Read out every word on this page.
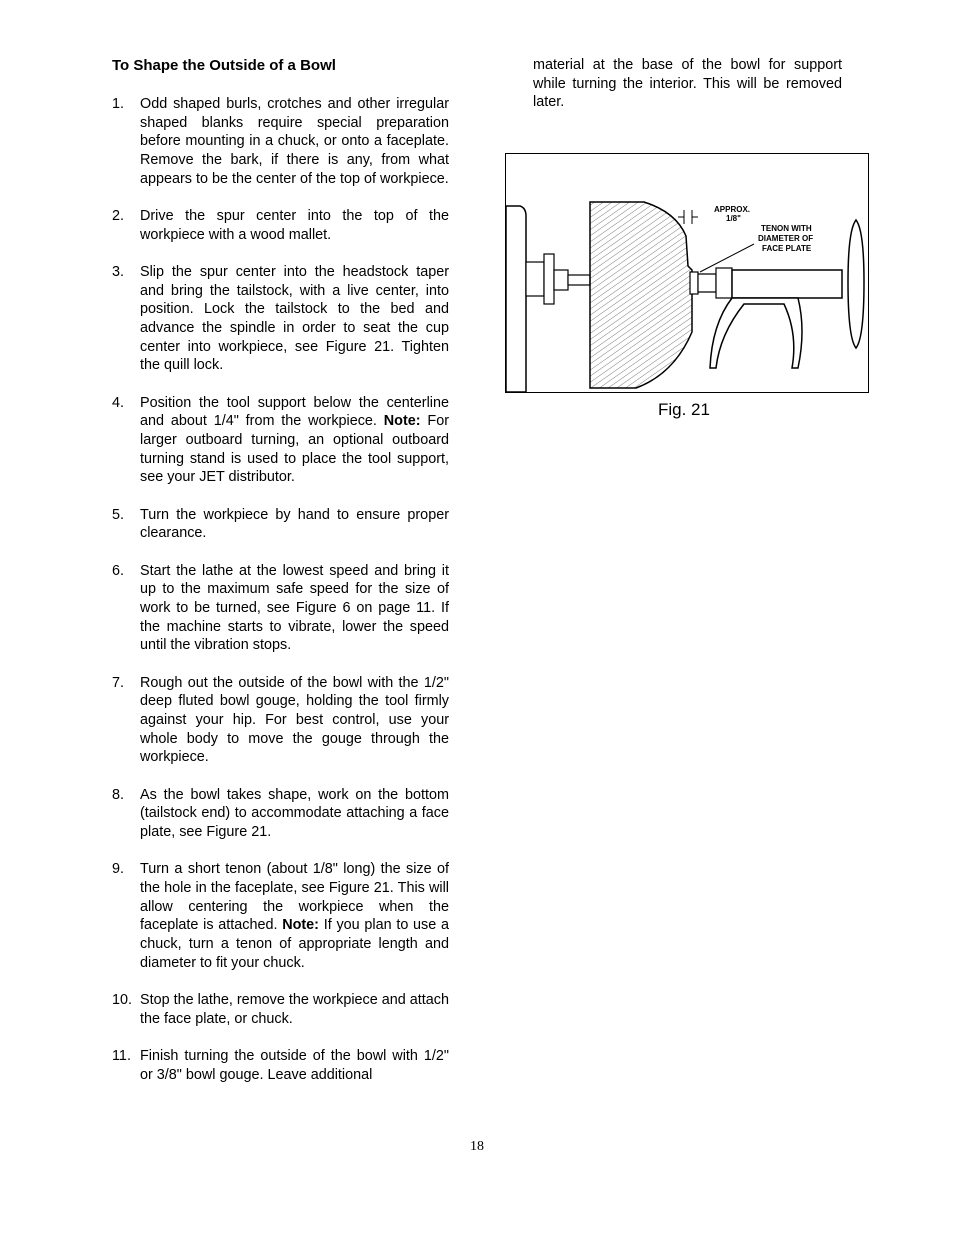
To Shape the Outside of a Bowl
1. Odd shaped burls, crotches and other irregular shaped blanks require special preparation before mounting in a chuck, or onto a faceplate. Remove the bark, if there is any, from what appears to be the center of the top of workpiece.
2. Drive the spur center into the top of the workpiece with a wood mallet.
3. Slip the spur center into the headstock taper and bring the tailstock, with a live center, into position. Lock the tailstock to the bed and advance the spindle in order to seat the cup center into workpiece, see Figure 21. Tighten the quill lock.
4. Position the tool support below the centerline and about 1/4" from the workpiece. Note: For larger outboard turning, an optional outboard turning stand is used to place the tool support, see your JET distributor.
5. Turn the workpiece by hand to ensure proper clearance.
6. Start the lathe at the lowest speed and bring it up to the maximum safe speed for the size of work to be turned, see Figure 6 on page 11. If the machine starts to vibrate, lower the speed until the vibration stops.
7. Rough out the outside of the bowl with the 1/2" deep fluted bowl gouge, holding the tool firmly against your hip. For best control, use your whole body to move the gouge through the workpiece.
8. As the bowl takes shape, work on the bottom (tailstock end) to accommodate attaching a face plate, see Figure 21.
9. Turn a short tenon (about 1/8" long) the size of the hole in the faceplate, see Figure 21. This will allow centering the workpiece when the faceplate is attached. Note: If you plan to use a chuck, turn a tenon of appropriate length and diameter to fit your chuck.
10. Stop the lathe, remove the workpiece and attach the face plate, or chuck.
11. Finish turning the outside of the bowl with 1/2" or 3/8" bowl gouge. Leave additional

material at the base of the bowl for support while turning the interior. This will be removed later.

APPROX.
1/8"
TENON WITH
DIAMETER OF
FACE PLATE
Fig. 21
18
